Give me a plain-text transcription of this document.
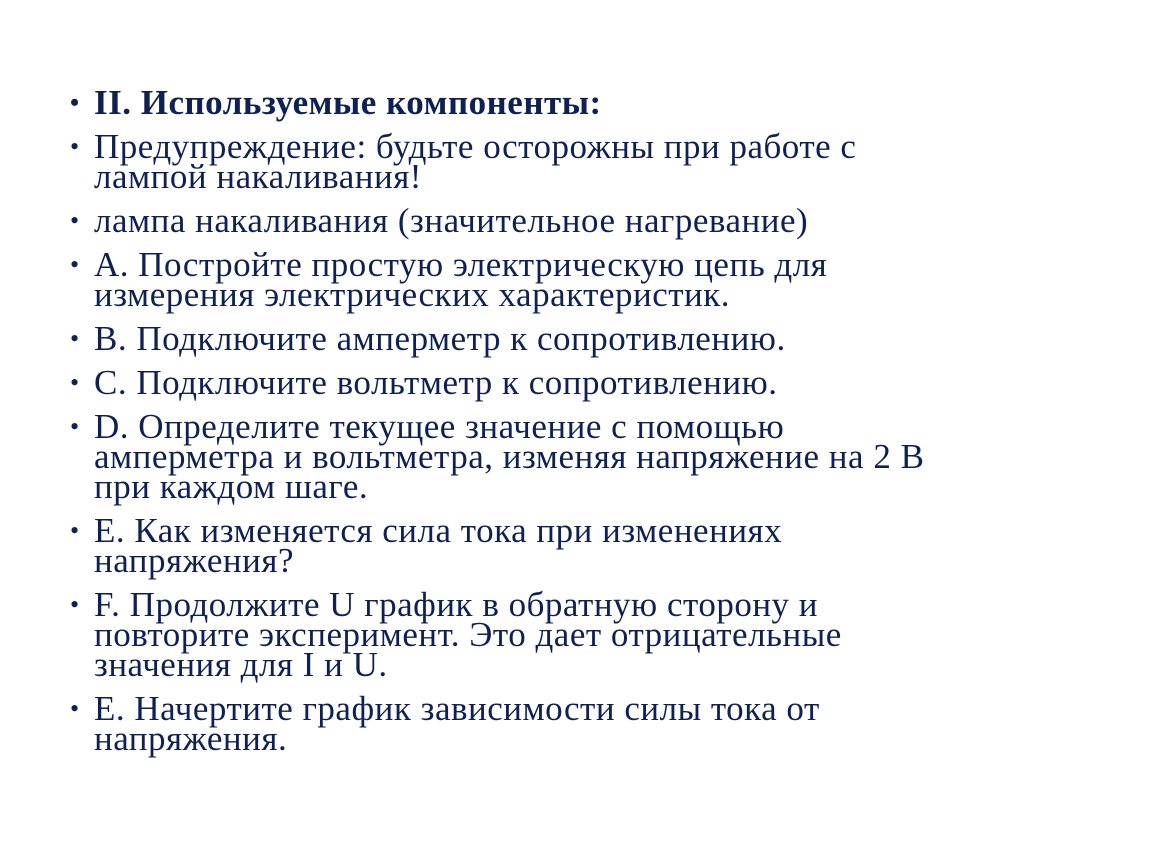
• II. Используемые компоненты:
• Предупреждение: будьте осторожны при работе с лампой накаливания!
• лампа накаливания (значительное нагревание)
• A. Постройте простую электрическую цепь для измерения электрических характеристик.
• B. Подключите амперметр к сопротивлению.
• C. Подключите вольтметр к сопротивлению.
• D. Определите текущее значение с помощью амперметра и вольтметра, изменяя напряжение на 2 В при каждом шаге.
• E. Как изменяется сила тока при изменениях напряжения?
• F. Продолжите U график в обратную сторону и повторите эксперимент. Это дает отрицательные значения для I и U.
• E. Начертите график зависимости силы тока от напряжения.
